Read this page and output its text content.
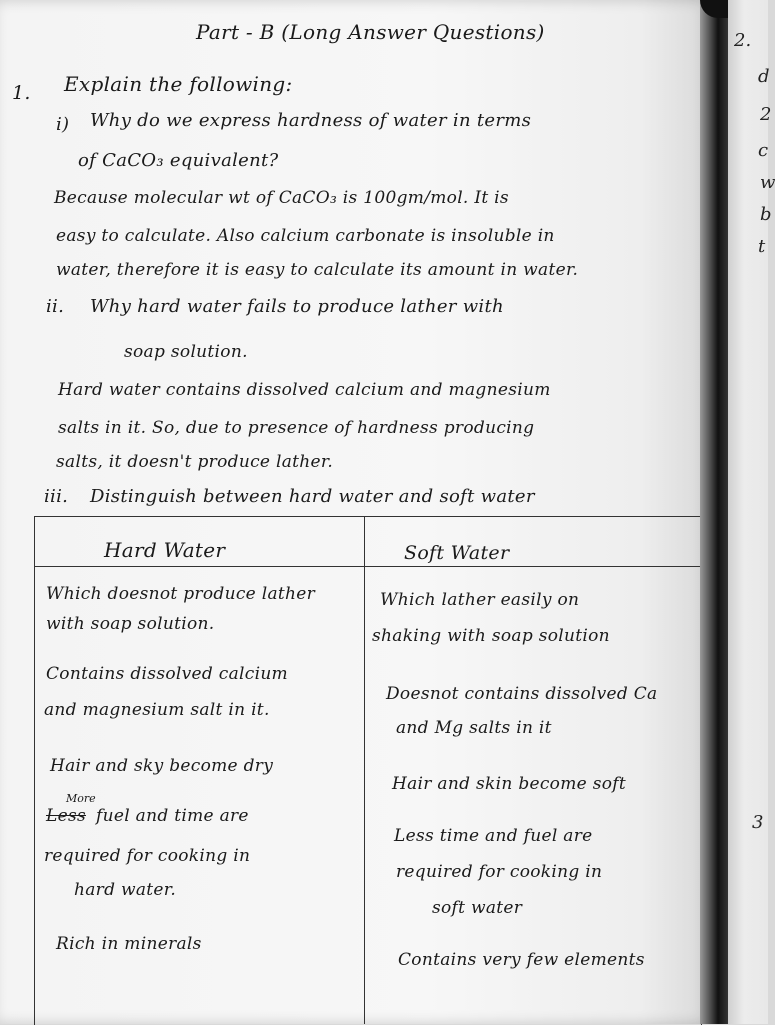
Part - B (Long Answer Questions)
1. Explain the following:
i) Why do we express hardness of water in terms
of CaCO₃ equivalent?
Because molecular wt of CaCO₃ is 100gm/mol. It is
easy to calculate. Also calcium carbonate is insoluble in
water, therefore it is easy to calculate its amount in water.
ii. Why hard water fails to produce lather with
soap solution.
Hard water contains dissolved calcium and magnesium
salts in it. So, due to presence of hardness producing
salts, it doesn't produce lather.
iii. Distinguish between hard water and soft water
Hard Water	Soft Water
Which doesnot produce lather
with soap solution.
Contains dissolved calcium
and magnesium salt in it.
Hair and sky become dry
Less
More
fuel and time are
required for cooking in
hard water.
Rich in minerals
Which lather easily on
shaking with soap solution
Doesnot contains dissolved Ca
and Mg salts in it
Hair and skin become soft
Less time and fuel are
required for cooking in
soft water
Contains very few elements
2.
d
2
c
w
b
t
3
